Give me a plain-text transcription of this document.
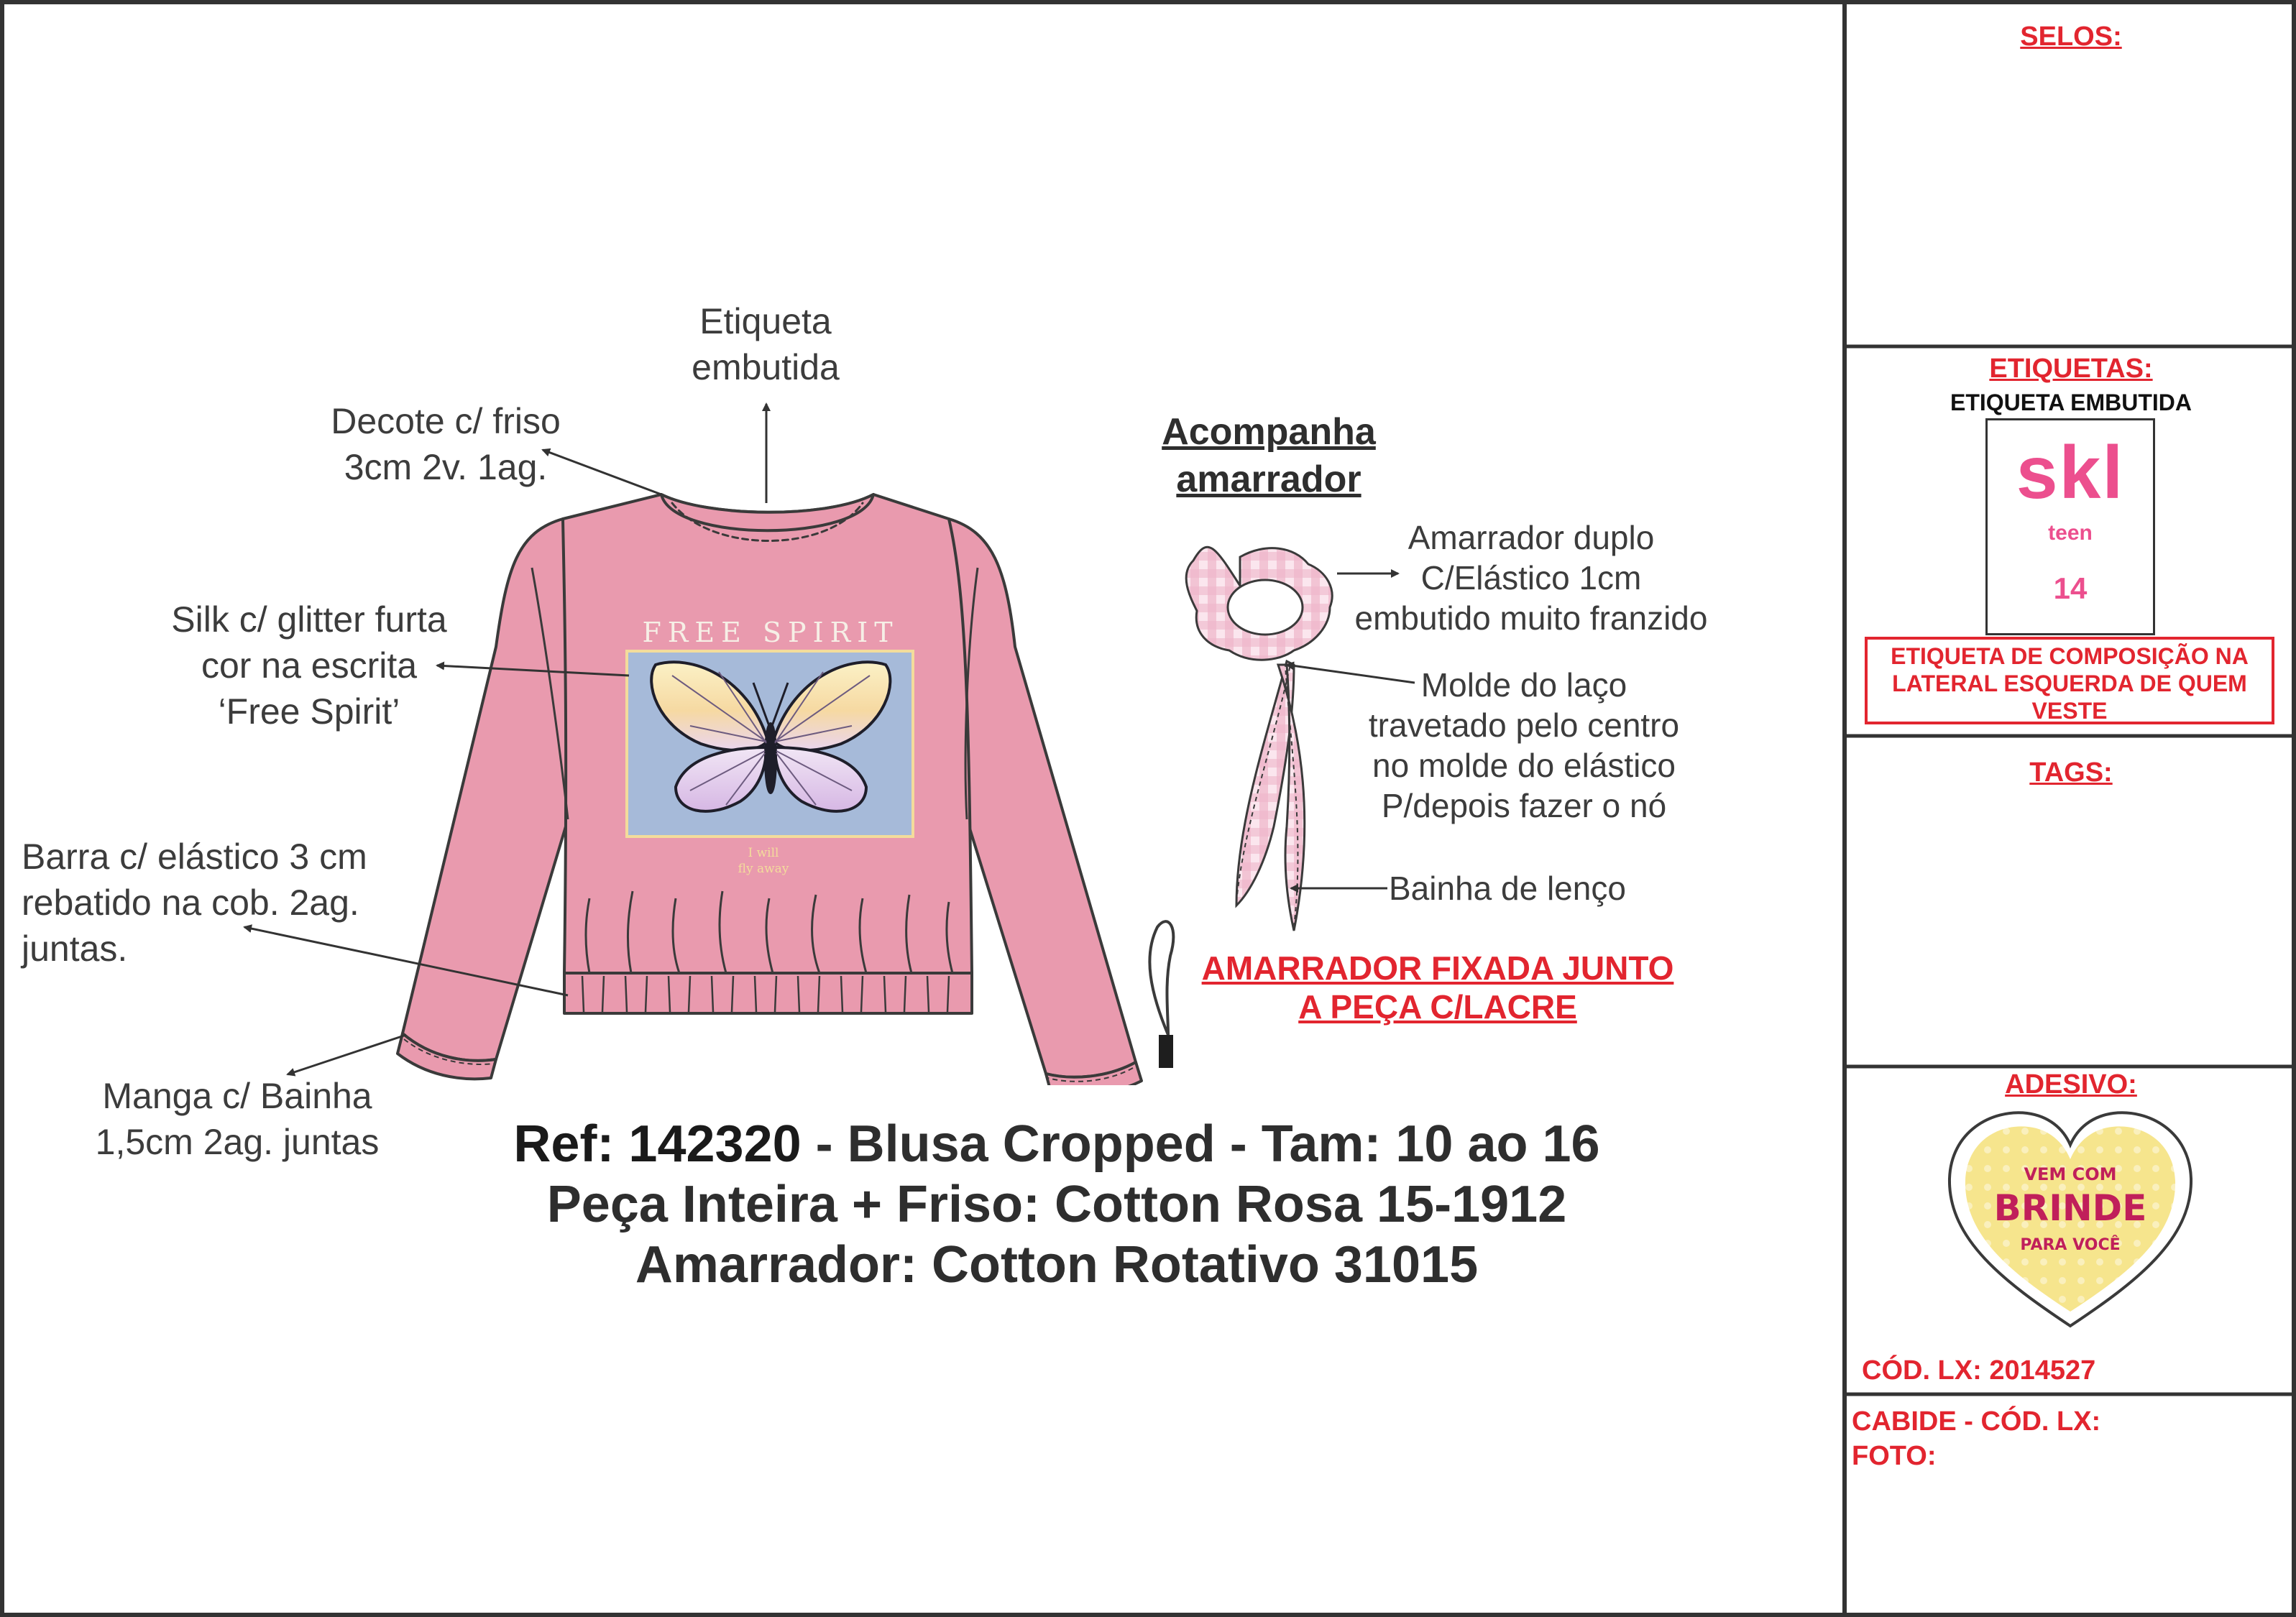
FREE SPIRIT
I will
fly away
Etiqueta
embutida
Decote c/ friso
3cm 2v. 1ag.
Silk c/ glitter furta
cor na escrita
‘Free Spirit’
Barra c/ elástico 3 cm
rebatido na cob. 2ag.
juntas.
Manga c/ Bainha
1,5cm 2ag. juntas
Acompanha
amarrador
Amarrador duplo
C/Elástico 1cm
embutido muito franzido
Molde do laço
travetado pelo centro
no molde do elástico
P/depois fazer o nó
Bainha de lenço
AMARRADOR FIXADA JUNTO
A PEÇA C/LACRE
Ref: 142320 - Blusa Cropped - Tam: 10 ao 16
Peça Inteira + Friso: Cotton Rosa 15-1912
Amarrador: Cotton Rotativo 31015
SELOS:
ETIQUETAS:
ETIQUETA EMBUTIDA
skl
teen
14
ETIQUETA DE COMPOSIÇÃO NA
LATERAL ESQUERDA DE QUEM
VESTE
TAGS:
ADESIVO:
VEM COM
BRINDE
PARA VOCÊ
CÓD. LX: 2014527
CABIDE - CÓD. LX:
FOTO:
